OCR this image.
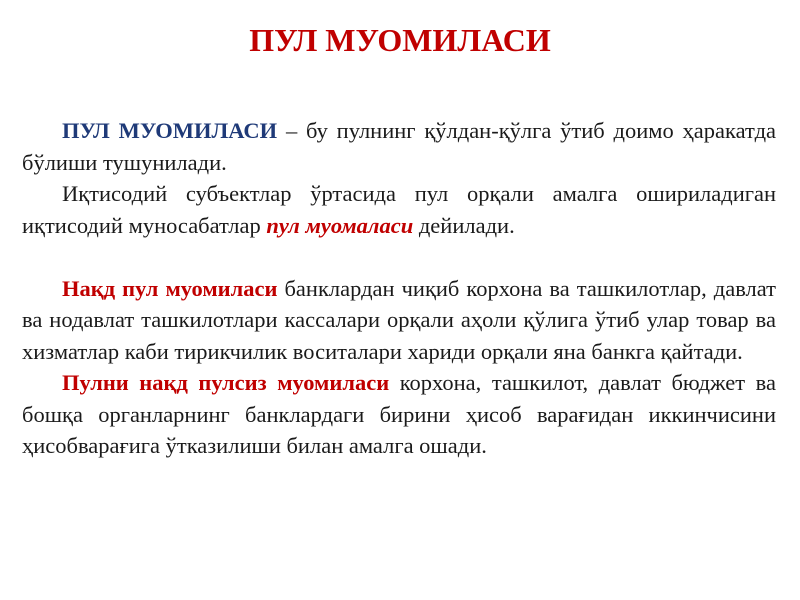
ПУЛ МУОМИЛАСИ

ПУЛ МУОМИЛАСИ – бу пулнинг қўлдан-қўлга ўтиб доимо ҳаракатда бўлиши тушунилади.

Иқтисодий субъектлар ўртасида пул орқали амалга ошириладиган иқтисодий муносабатлар пул муомаласи дейилади.

Нақд пул муомиласи банклардан чиқиб корхона ва ташкилотлар, давлат ва нодавлат ташкилотлари кассалари орқали аҳоли қўлига ўтиб улар товар ва хизматлар каби тирикчилик воситалари хариди орқали яна банкга қайтади.

Пулни нақд пулсиз муомиласи корхона, ташкилот, давлат бюджет ва бошқа органларнинг банклардаги бирини ҳисоб варағидан иккинчисини ҳисобварағига ўтказилиши билан амалга ошади.
